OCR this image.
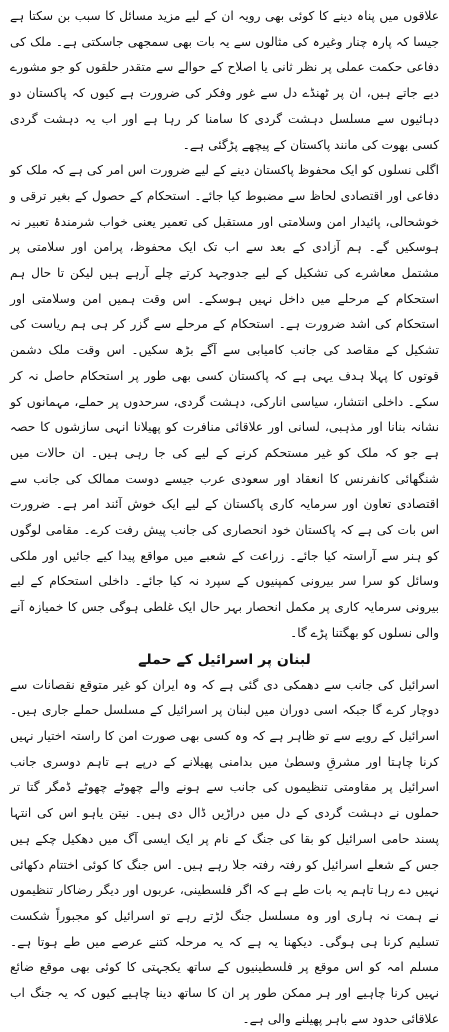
علاقوں میں پناہ دینے کا کوئی بھی رویہ ان کے لیے مزید مسائل کا سبب بن سکتا ہے جیسا کہ پارہ چنار وغیرہ کی مثالوں سے یہ بات بھی سمجھی جاسکتی ہے۔ ملک کی دفاعی حکمت عملی پر نظر ثانی یا اصلاح کے حوالے سے متقدر حلقوں کو جو مشورے دیے جاتے ہیں، ان پر ٹھنڈے دل سے غور وفکر کی ضرورت ہے کیوں کہ پاکستان دو دہائیوں سے مسلسل دہشت گردی کا سامنا کر رہا ہے اور اب یہ دہشت گردی کسی بھوت کی مانند پاکستان کے پیچھے پڑگئی ہے۔

اگلی نسلوں کو ایک محفوظ پاکستان دینے کے لیے ضرورت اس امر کی ہے کہ ملک کو دفاعی اور اقتصادی لحاظ سے مضبوط کیا جائے۔ استحکام کے حصول کے بغیر ترقی و خوشحالی، پائیدار امن وسلامتی اور مستقبل کی تعمیر یعنی خواب شرمندۂ تعبیر نہ ہوسکیں گے۔ ہم آزادی کے بعد سے اب تک ایک محفوظ، پرامن اور سلامتی پر مشتمل معاشرے کی تشکیل کے لیے جدوجہد کرتے چلے آرہے ہیں لیکن تا حال ہم استحکام کے مرحلے میں داخل نہیں ہوسکے۔ اس وقت ہمیں امن وسلامتی اور استحکام کی اشد ضرورت ہے۔ استحکام کے مرحلے سے گزر کر ہی ہم ریاست کی تشکیل کے مقاصد کی جانب کامیابی سے آگے بڑھ سکیں۔ اس وقت ملک دشمن قوتوں کا پہلا ہدف یہی ہے کہ پاکستان کسی بھی طور پر استحکام حاصل نہ کر سکے۔ داخلی انتشار، سیاسی انارکی، دہشت گردی، سرحدوں پر حملے، مہمانوں کو نشانہ بنانا اور مذہبی، لسانی اور علاقائی منافرت کو پھیلانا انہی سازشوں کا حصہ ہے جو کہ ملک کو غیر مستحکم کرنے کے لیے کی جا رہی ہیں۔ ان حالات میں شنگھائی کانفرنس کا انعقاد اور سعودی عرب جیسے دوست ممالک کی جانب سے اقتصادی تعاون اور سرمایہ کاری پاکستان کے لیے ایک خوش آئند امر ہے۔ ضرورت اس بات کی ہے کہ پاکستان خود انحصاری کی جانب پیش رفت کرے۔ مقامی لوگوں کو ہنر سے آراستہ کیا جائے۔ زراعت کے شعبے میں مواقع پیدا کیے جائیں اور ملکی وسائل کو سرا سر بیرونی کمپنیوں کے سپرد نہ کیا جائے۔ داخلی استحکام کے لیے بیرونی سرمایہ کاری پر مکمل انحصار بہر حال ایک غلطی ہوگی جس کا خمیازہ آنے والی نسلوں کو بھگتنا پڑے گا۔

لبنان پر اسرائیل کے حملے

اسرائیل کی جانب سے دھمکی دی گئی ہے کہ وہ ایران کو غیر متوقع نقصانات سے دوچار کرے گا جبکہ اسی دوران میں لبنان پر اسرائیل کے مسلسل حملے جاری ہیں۔ اسرائیل کے رویے سے تو ظاہر ہے کہ وہ کسی بھی صورت امن کا راستہ اختیار نہیں کرنا چاہتا اور مشرقِ وسطیٰ میں بدامنی پھیلانے کے درپے ہے تاہم دوسری جانب اسرائیل پر مقاومتی تنظیموں کی جانب سے ہونے والے چھوٹے چھوٹے ڈمگر گتا تر حملوں نے دہشت گردی کے دل میں دراڑیں ڈال دی ہیں۔ نیتن یاہو اس کی انتہا پسند حامی اسرائیل کو بقا کی جنگ کے نام پر ایک ایسی آگ میں دھکیل چکے ہیں جس کے شعلے اسرائیل کو رفتہ رفتہ جلا رہے ہیں۔ اس جنگ کا کوئی اختتام دکھائی نہیں دے رہا تاہم یہ بات طے ہے کہ اگر فلسطینی، عربوں اور دیگر رضاکار تنظیموں نے ہمت نہ ہاری اور وہ مسلسل جنگ لڑتے رہے تو اسرائیل کو مجبوراً شکست تسلیم کرنا ہی ہوگی۔ دیکھنا یہ ہے کہ یہ مرحلہ کتنے عرصے میں طے ہوتا ہے۔ مسلم امہ کو اس موقع پر فلسطینیوں کے ساتھ یکجہتی کا کوئی بھی موقع ضائع نہیں کرنا چاہیے اور ہر ممکن طور پر ان کا ساتھ دینا چاہیے کیوں کہ یہ جنگ اب علاقائی حدود سے باہر پھیلنے والی ہے۔
